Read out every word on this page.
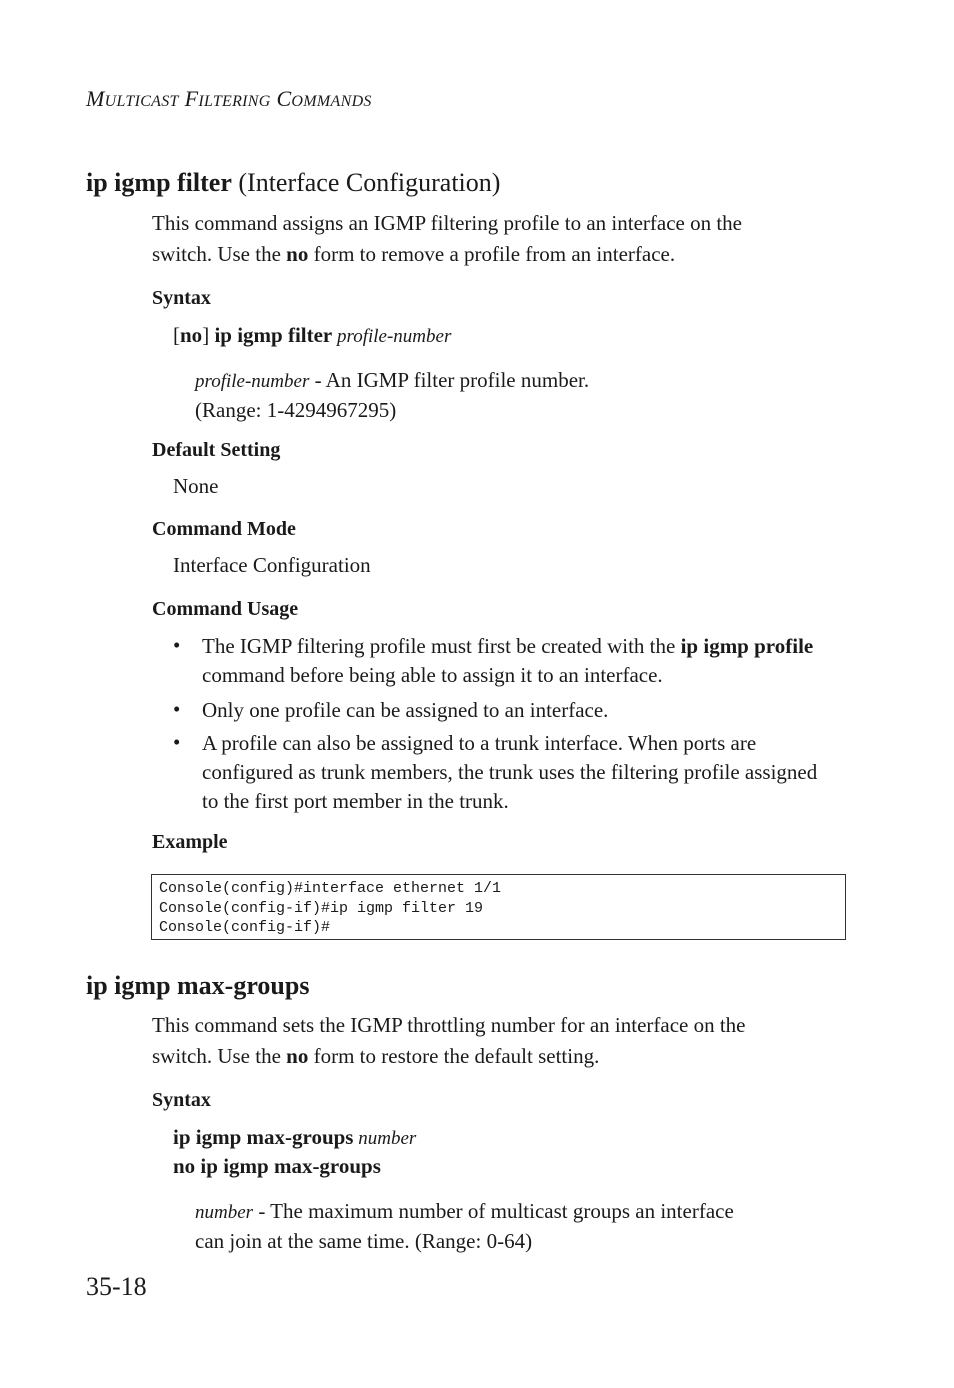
MULTICAST FILTERING COMMANDS
ip igmp filter (Interface Configuration)
This command assigns an IGMP filtering profile to an interface on the
switch. Use the no form to remove a profile from an interface.
Syntax
[no] ip igmp filter profile-number
profile-number - An IGMP filter profile number.
(Range: 1-4294967295)
Default Setting
None
Command Mode
Interface Configuration
Command Usage
• The IGMP filtering profile must first be created with the ip igmp profile command before being able to assign it to an interface.
• Only one profile can be assigned to an interface.
• A profile can also be assigned to a trunk interface. When ports are configured as trunk members, the trunk uses the filtering profile assigned to the first port member in the trunk.
Example
Console(config)#interface ethernet 1/1
Console(config-if)#ip igmp filter 19
Console(config-if)#
ip igmp max-groups
This command sets the IGMP throttling number for an interface on the
switch. Use the no form to restore the default setting.
Syntax
ip igmp max-groups number
no ip igmp max-groups
number - The maximum number of multicast groups an interface
can join at the same time. (Range: 0-64)
35-18
